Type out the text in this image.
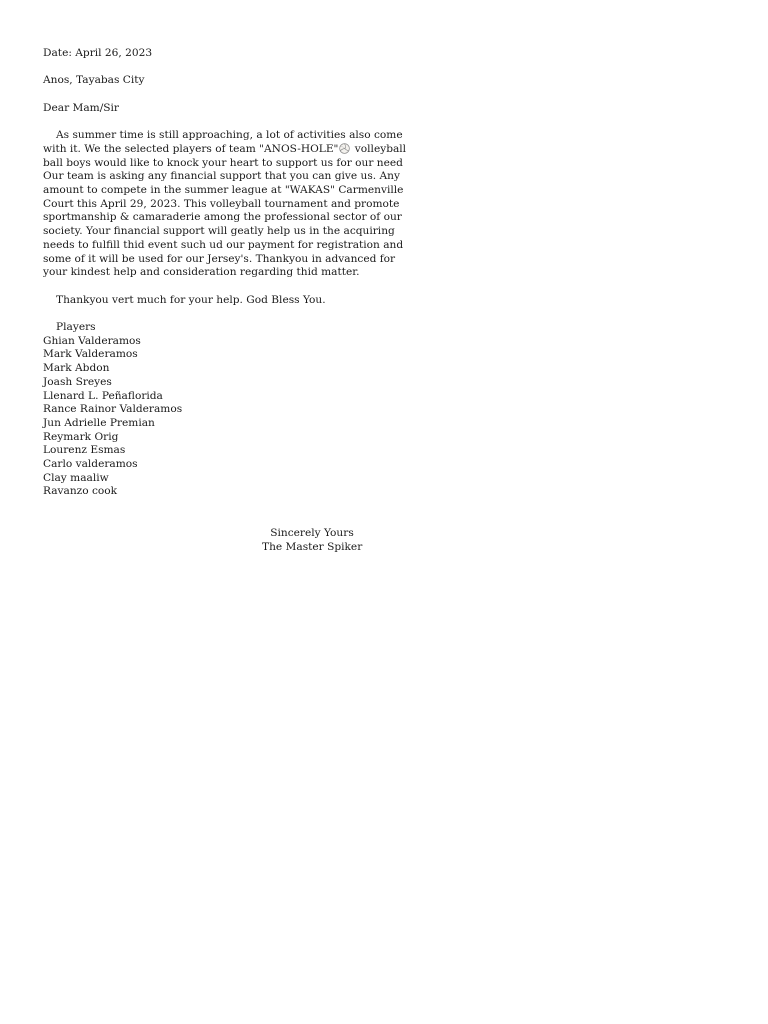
Date: April 26, 2023
Anos, Tayabas City
Dear Mam/Sir
As summer time is still approaching, a lot of activities also come
with it. We the selected players of team "ANOS-HOLE" volleyball
ball boys would like to knock your heart to support us for our need
Our team is asking any financial support that you can give us. Any
amount to compete in the summer league at "WAKAS" Carmenville
Court this April 29, 2023. This volleyball tournament and promote
sportmanship & camaraderie among the professional sector of our
society. Your financial support will geatly help us in the acquiring
needs to fulfill thid event such ud our payment for registration and
some of it will be used for our Jersey's. Thankyou in advanced for
your kindest help and consideration regarding thid matter.
Thankyou vert much for your help. God Bless You.
Players
Ghian Valderamos
Mark Valderamos
Mark Abdon
Joash Sreyes
Llenard L. Peñaflorida
Rance Rainor Valderamos
Jun Adrielle Premian
Reymark Orig
Lourenz Esmas
Carlo valderamos
Clay maaliw
Ravanzo cook
Sincerely Yours
The Master Spiker
